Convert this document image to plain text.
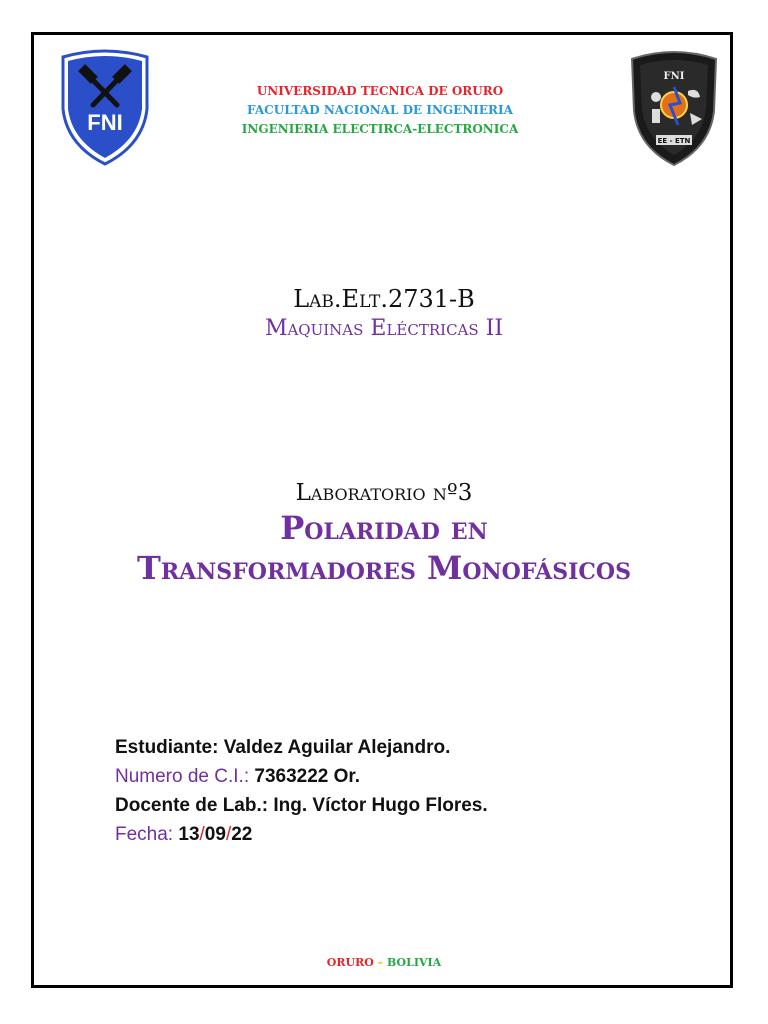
FNI
FNI
EE - ETN
UNIVERSIDAD TECNICA DE ORURO
FACULTAD NACIONAL DE INGENIERIA
INGENIERIA ELECTIRCA-ELECTRONICA
Lab.Elt.2731-B
Maquinas Eléctricas II
Laboratorio nº3
Polaridad en
Transformadores Monofásicos
Estudiante: Valdez Aguilar Alejandro.
Numero de C.I.: 7363222 Or.
Docente de Lab.: Ing. Víctor Hugo Flores.
Fecha: 13/09/22
ORURO – BOLIVIA
